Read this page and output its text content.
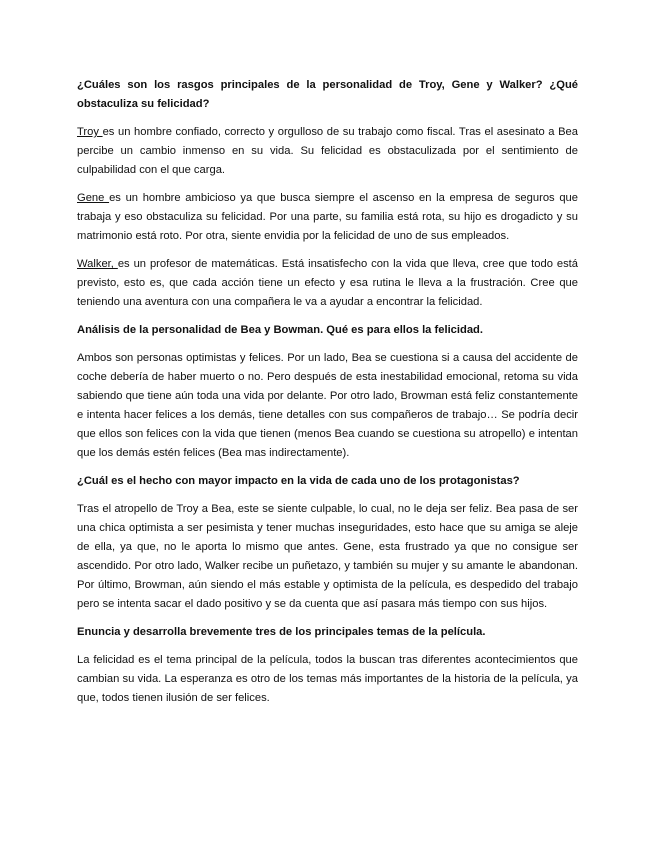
¿Cuáles son los rasgos principales de la personalidad de Troy, Gene y Walker? ¿Qué obstaculiza su felicidad?

Troy es un hombre confiado, correcto y orgulloso de su trabajo como fiscal. Tras el asesinato a Bea percibe un cambio inmenso en su vida. Su felicidad es obstaculizada por el sentimiento de culpabilidad con el que carga.

Gene es un hombre ambicioso ya que busca siempre el ascenso en la empresa de seguros que trabaja y eso obstaculiza su felicidad. Por una parte, su familia está rota, su hijo es drogadicto y su matrimonio está roto. Por otra, siente envidia por la felicidad de uno de sus empleados.

Walker, es un profesor de matemáticas. Está insatisfecho con la vida que lleva, cree que todo está previsto, esto es, que cada acción tiene un efecto y esa rutina le lleva a la frustración. Cree que teniendo una aventura con una compañera le va a ayudar a encontrar la felicidad.

Análisis de la personalidad de Bea y Bowman. Qué es para ellos la felicidad.

Ambos son personas optimistas y felices. Por un lado, Bea se cuestiona si a causa del accidente de coche debería de haber muerto o no. Pero después de esta inestabilidad emocional, retoma su vida sabiendo que tiene aún toda una vida por delante. Por otro lado, Browman está feliz constantemente e intenta hacer felices a los demás, tiene detalles con sus compañeros de trabajo… Se podría decir que ellos son felices con la vida que tienen (menos Bea cuando se cuestiona su atropello) e intentan que los demás estén felices (Bea mas indirectamente).

¿Cuál es el hecho con mayor impacto en la vida de cada uno de los protagonistas?

Tras el atropello de Troy a Bea, este se siente culpable, lo cual, no le deja ser feliz. Bea pasa de ser una chica optimista a ser pesimista y tener muchas inseguridades, esto hace que su amiga se aleje de ella, ya que, no le aporta lo mismo que antes. Gene, esta frustrado ya que no consigue ser ascendido. Por otro lado, Walker recibe un puñetazo, y también su mujer y su amante le abandonan. Por último, Browman, aún siendo el más estable y optimista de la película, es despedido del trabajo pero se intenta sacar el dado positivo y se da cuenta que así pasara más tiempo con sus hijos.

Enuncia y desarrolla brevemente tres de los principales temas de la película.

La felicidad es el tema principal de la película, todos la buscan tras diferentes acontecimientos que cambian su vida. La esperanza es otro de los temas más importantes de la historia de la película, ya que, todos tienen ilusión de ser felices.
